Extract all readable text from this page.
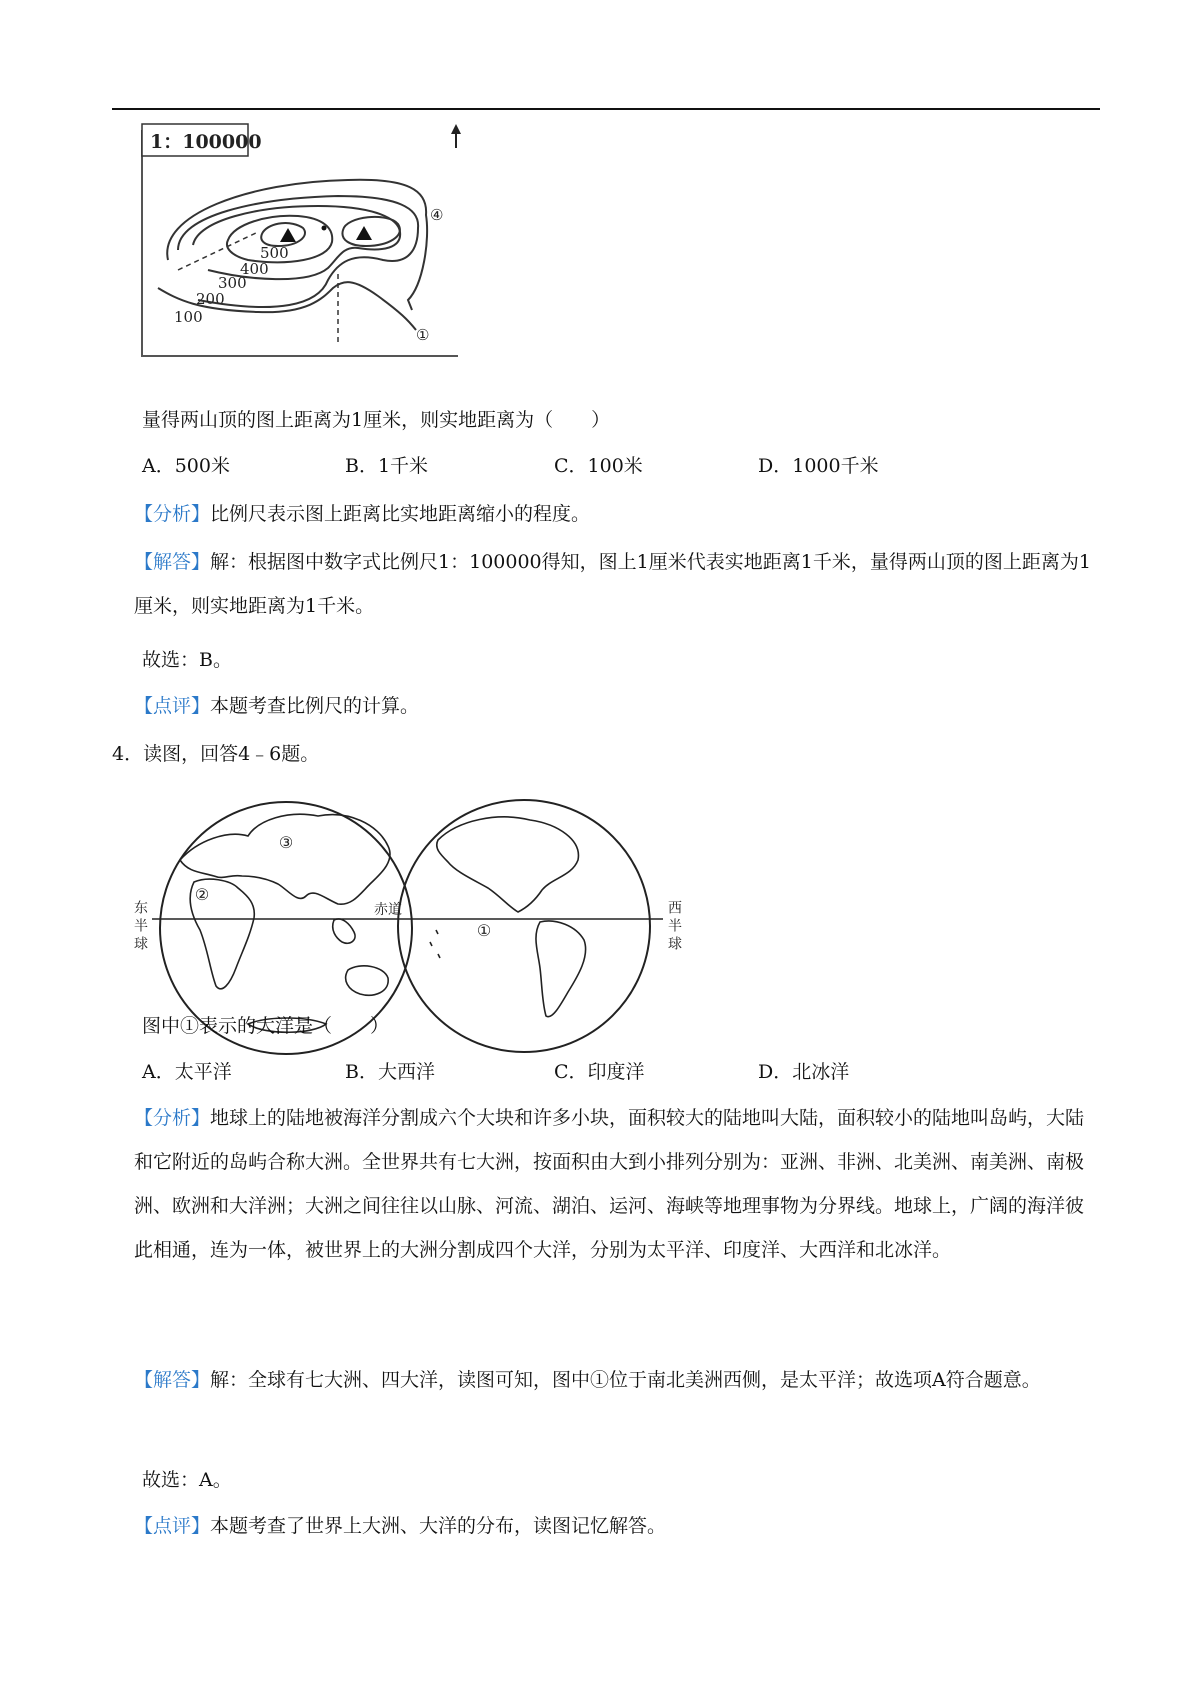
1：100000
500
400
300
200
100
④
①
量得两山顶的图上距离为1厘米，则实地距离为（　　）
A．500米	B．1千米	C．100米	D．1000千米
【分析】比例尺表示图上距离比实地距离缩小的程度。
【解答】解：根据图中数字式比例尺1：100000得知，图上1厘米代表实地距离1千米，量得两山顶的图上距离为1厘米，则实地距离为1千米。
故选：B。
【点评】本题考查比例尺的计算。
4．读图，回答4﹣6题。
③
②
①
东半球	西半球
赤道
图中①表示的大洋是（　　）
A．太平洋	B．大西洋	C．印度洋	D．北冰洋
【分析】地球上的陆地被海洋分割成六个大块和许多小块，面积较大的陆地叫大陆，面积较小的陆地叫岛屿，大陆和它附近的岛屿合称大洲。全世界共有七大洲，按面积由大到小排列分别为：亚洲、非洲、北美洲、南美洲、南极洲、欧洲和大洋洲；大洲之间往往以山脉、河流、湖泊、运河、海峡等地理事物为分界线。地球上，广阔的海洋彼此相通，连为一体，被世界上的大洲分割成四个大洋，分别为太平洋、印度洋、大西洋和北冰洋。
【解答】解：全球有七大洲、四大洋，读图可知，图中①位于南北美洲西侧，是太平洋；故选项A符合题意。
故选：A。
【点评】本题考查了世界上大洲、大洋的分布，读图记忆解答。
